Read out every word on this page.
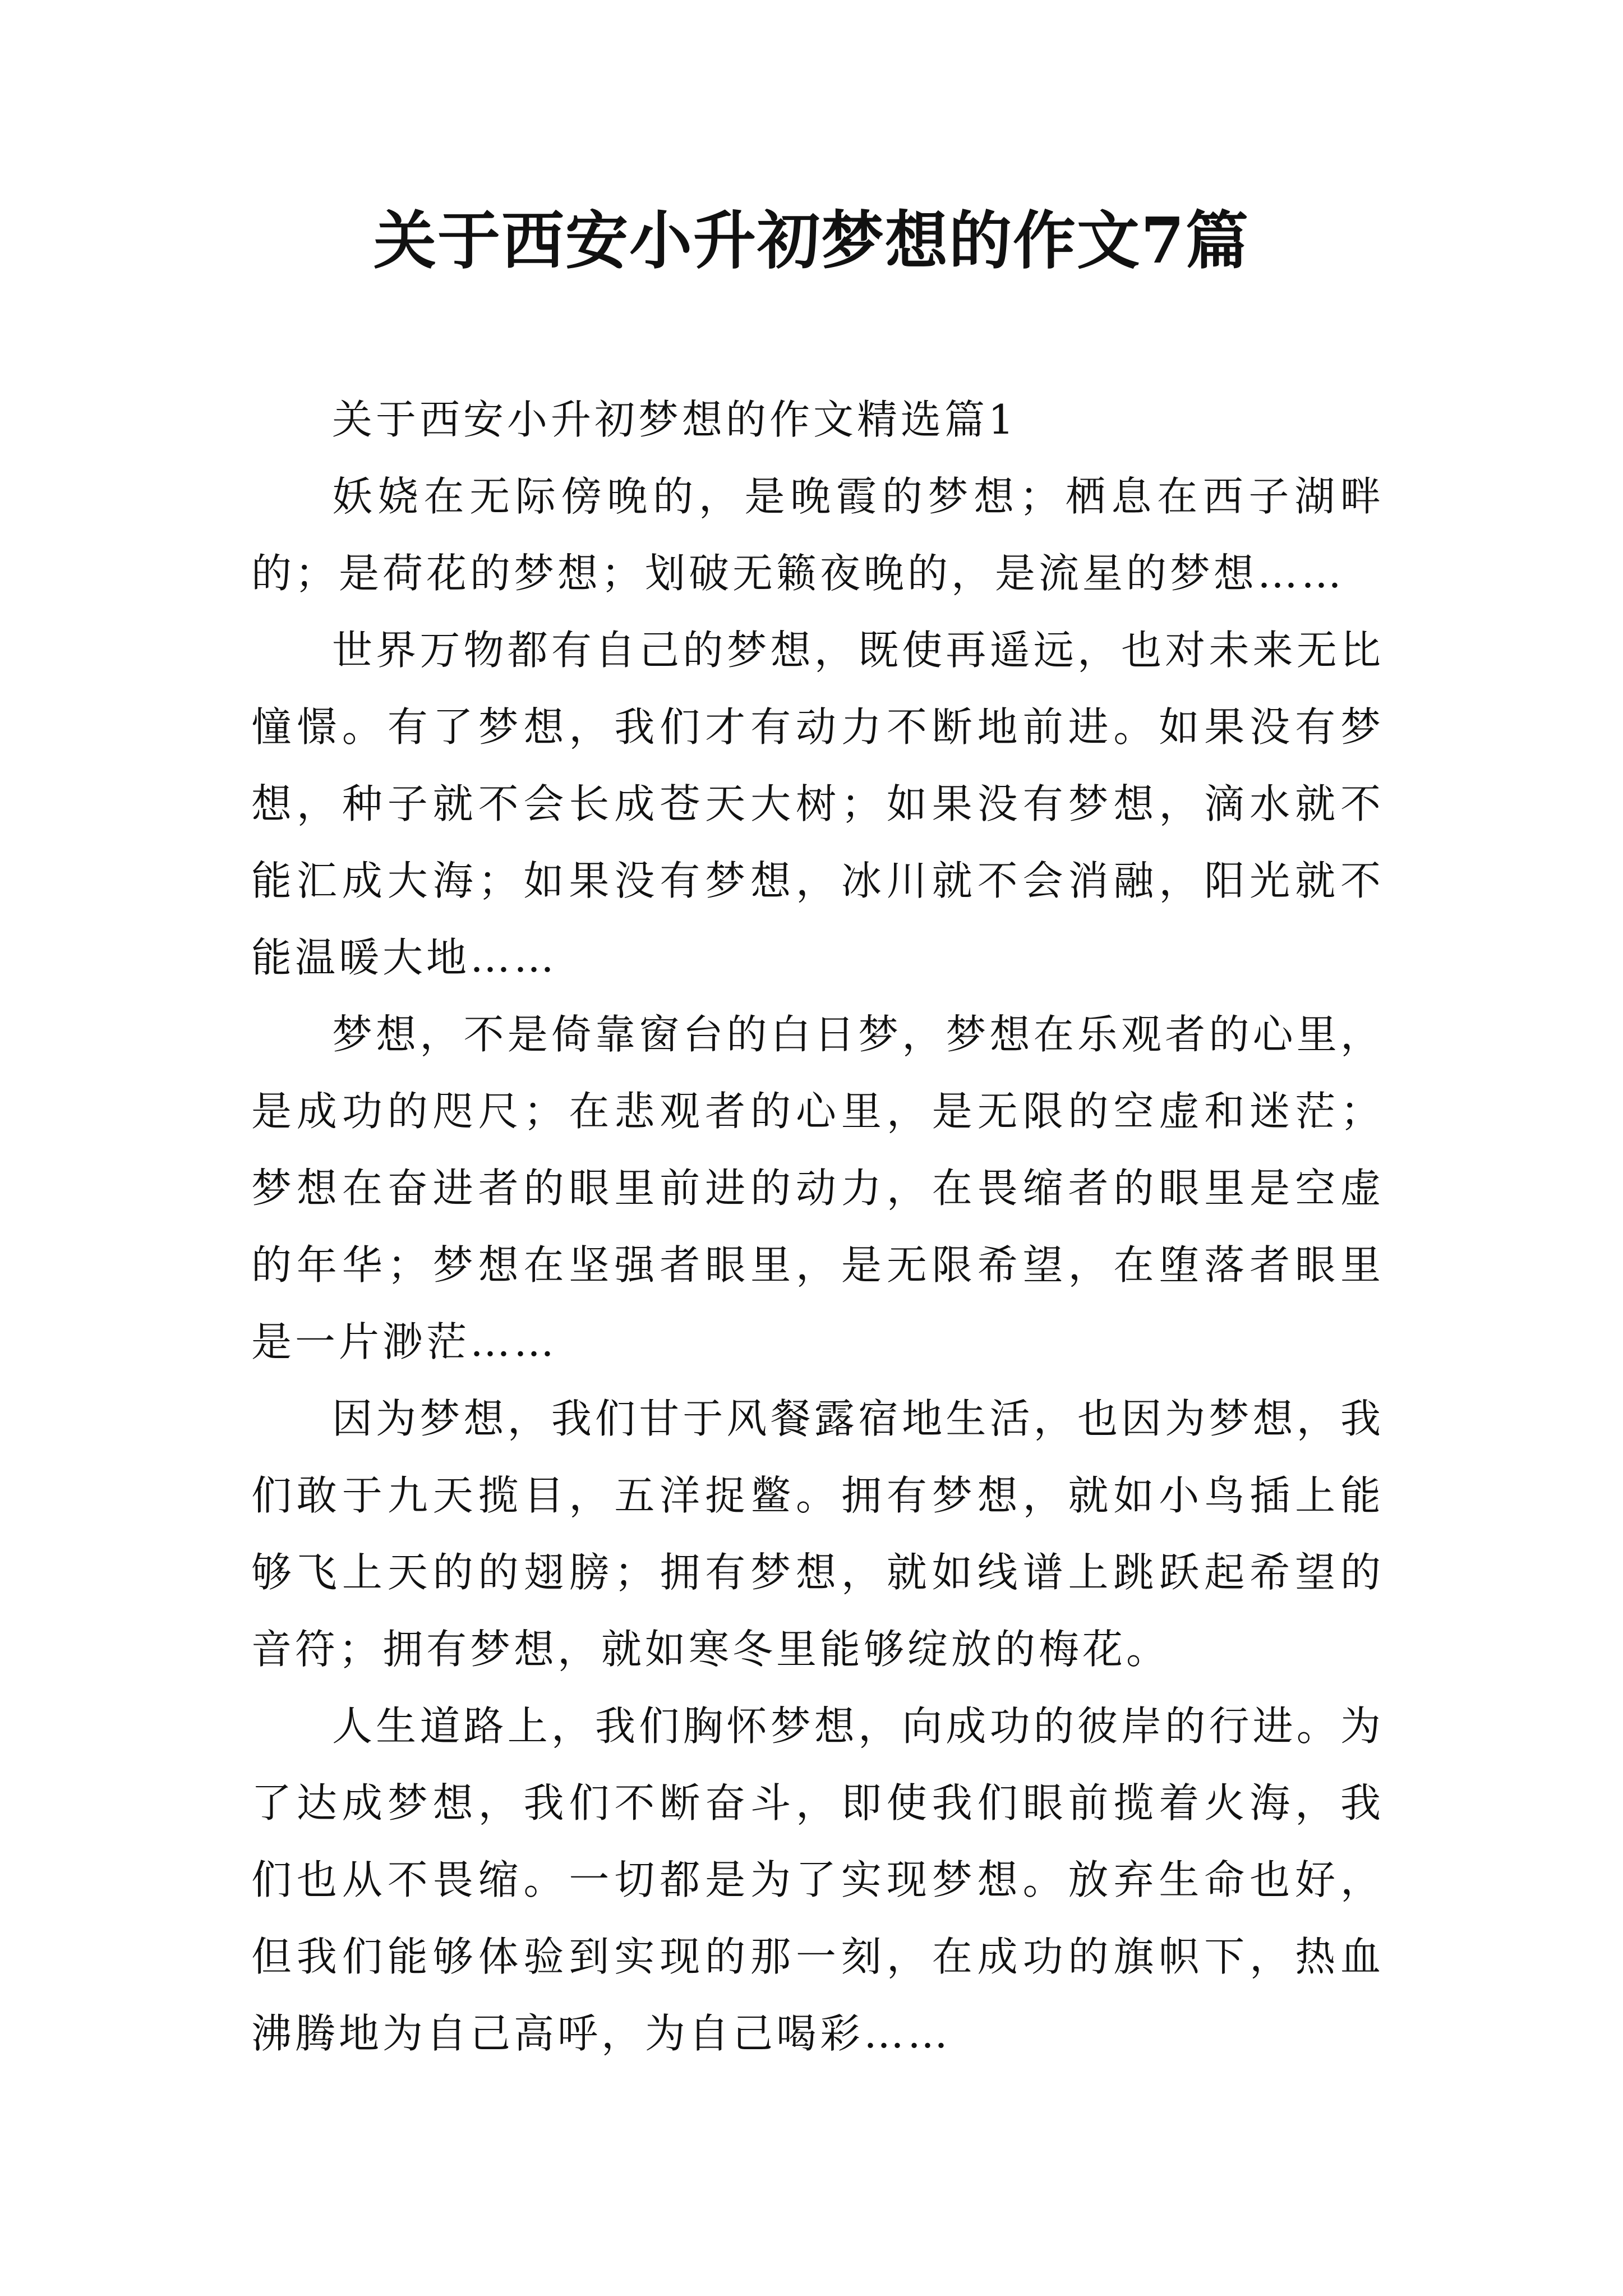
关于西安小升初梦想的作文7篇

关于西安小升初梦想的作文精选篇1

妖娆在无际傍晚的，是晚霞的梦想；栖息在西子湖畔的；是荷花的梦想；划破无籁夜晚的，是流星的梦想……

世界万物都有自己的梦想，既使再遥远，也对未来无比憧憬。有了梦想，我们才有动力不断地前进。如果没有梦想，种子就不会长成苍天大树；如果没有梦想，滴水就不能汇成大海；如果没有梦想，冰川就不会消融，阳光就不能温暖大地……

梦想，不是倚靠窗台的白日梦，梦想在乐观者的心里，是成功的咫尺；在悲观者的心里，是无限的空虚和迷茫；梦想在奋进者的眼里前进的动力，在畏缩者的眼里是空虚的年华；梦想在坚强者眼里，是无限希望，在堕落者眼里是一片渺茫……

因为梦想，我们甘于风餐露宿地生活，也因为梦想，我们敢于九天揽目，五洋捉鳖。拥有梦想，就如小鸟插上能够飞上天的的翅膀；拥有梦想，就如线谱上跳跃起希望的音符；拥有梦想，就如寒冬里能够绽放的梅花。

人生道路上，我们胸怀梦想，向成功的彼岸的行进。为了达成梦想，我们不断奋斗，即使我们眼前揽着火海，我们也从不畏缩。一切都是为了实现梦想。放弃生命也好，但我们能够体验到实现的那一刻，在成功的旗帜下，热血沸腾地为自己高呼，为自己喝彩……
